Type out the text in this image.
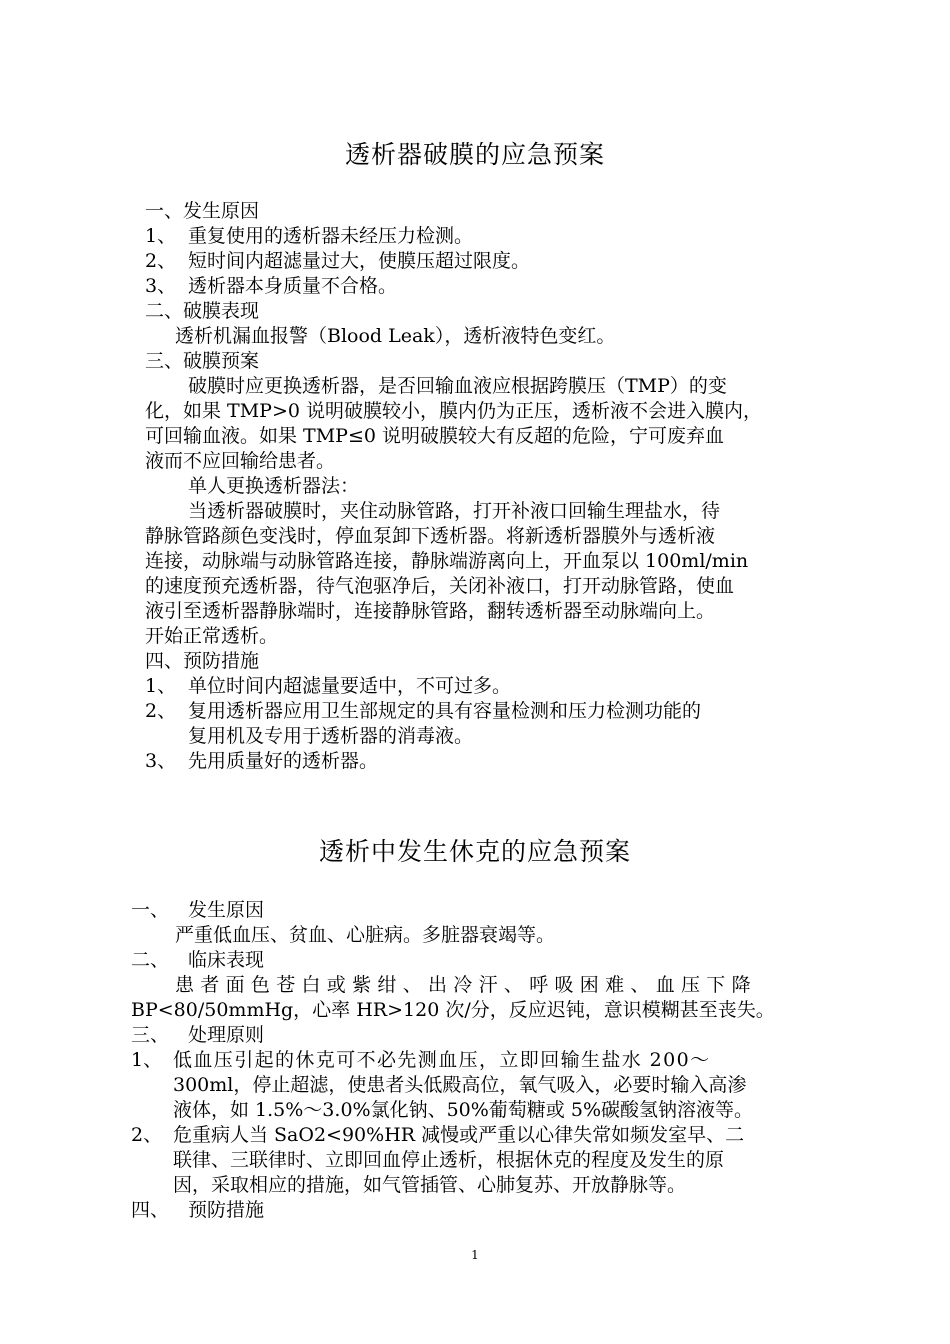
透析器破膜的应急预案
一、发生原因
1、 重复使用的透析器未经压力检测。
2、 短时间内超滤量过大，使膜压超过限度。
3、 透析器本身质量不合格。
二、破膜表现
透析机漏血报警（Blood Leak），透析液特色变红。
三、破膜预案
破膜时应更换透析器，是否回输血液应根据跨膜压（TMP）的变
化，如果 TMP>0 说明破膜较小，膜内仍为正压，透析液不会进入膜内，
可回输血液。如果 TMP≤0 说明破膜较大有反超的危险，宁可废弃血
液而不应回输给患者。
单人更换透析器法：
当透析器破膜时，夹住动脉管路，打开补液口回输生理盐水，待
静脉管路颜色变浅时，停血泵卸下透析器。将新透析器膜外与透析液
连接，动脉端与动脉管路连接，静脉端游离向上，开血泵以 100ml/min
的速度预充透析器，待气泡驱净后，关闭补液口，打开动脉管路，使血
液引至透析器静脉端时，连接静脉管路，翻转透析器至动脉端向上。
开始正常透析。
四、预防措施
1、 单位时间内超滤量要适中，不可过多。
2、 复用透析器应用卫生部规定的具有容量检测和压力检测功能的
复用机及专用于透析器的消毒液。
3、 先用质量好的透析器。
透析中发生休克的应急预案
一、 发生原因
严重低血压、贫血、心脏病。多脏器衰竭等。
二、 临床表现
患者面色苍白或紫绀、出冷汗、呼吸困难、血压下降
BP<80/50mmHg，心率 HR>120 次/分，反应迟钝，意识模糊甚至丧失。
三、 处理原则
1、 低血压引起的休克可不必先测血压，立即回输生盐水 200～
300ml，停止超滤，使患者头低殿高位，氧气吸入，必要时输入高渗
液体，如 1.5%～3.0%氯化钠、50%葡萄糖或 5%碳酸氢钠溶液等。
2、 危重病人当 SaO2<90%HR 减慢或严重以心律失常如频发室早、二
联律、三联律时、立即回血停止透析，根据休克的程度及发生的原
因，采取相应的措施，如气管插管、心肺复苏、开放静脉等。
四、 预防措施
1
